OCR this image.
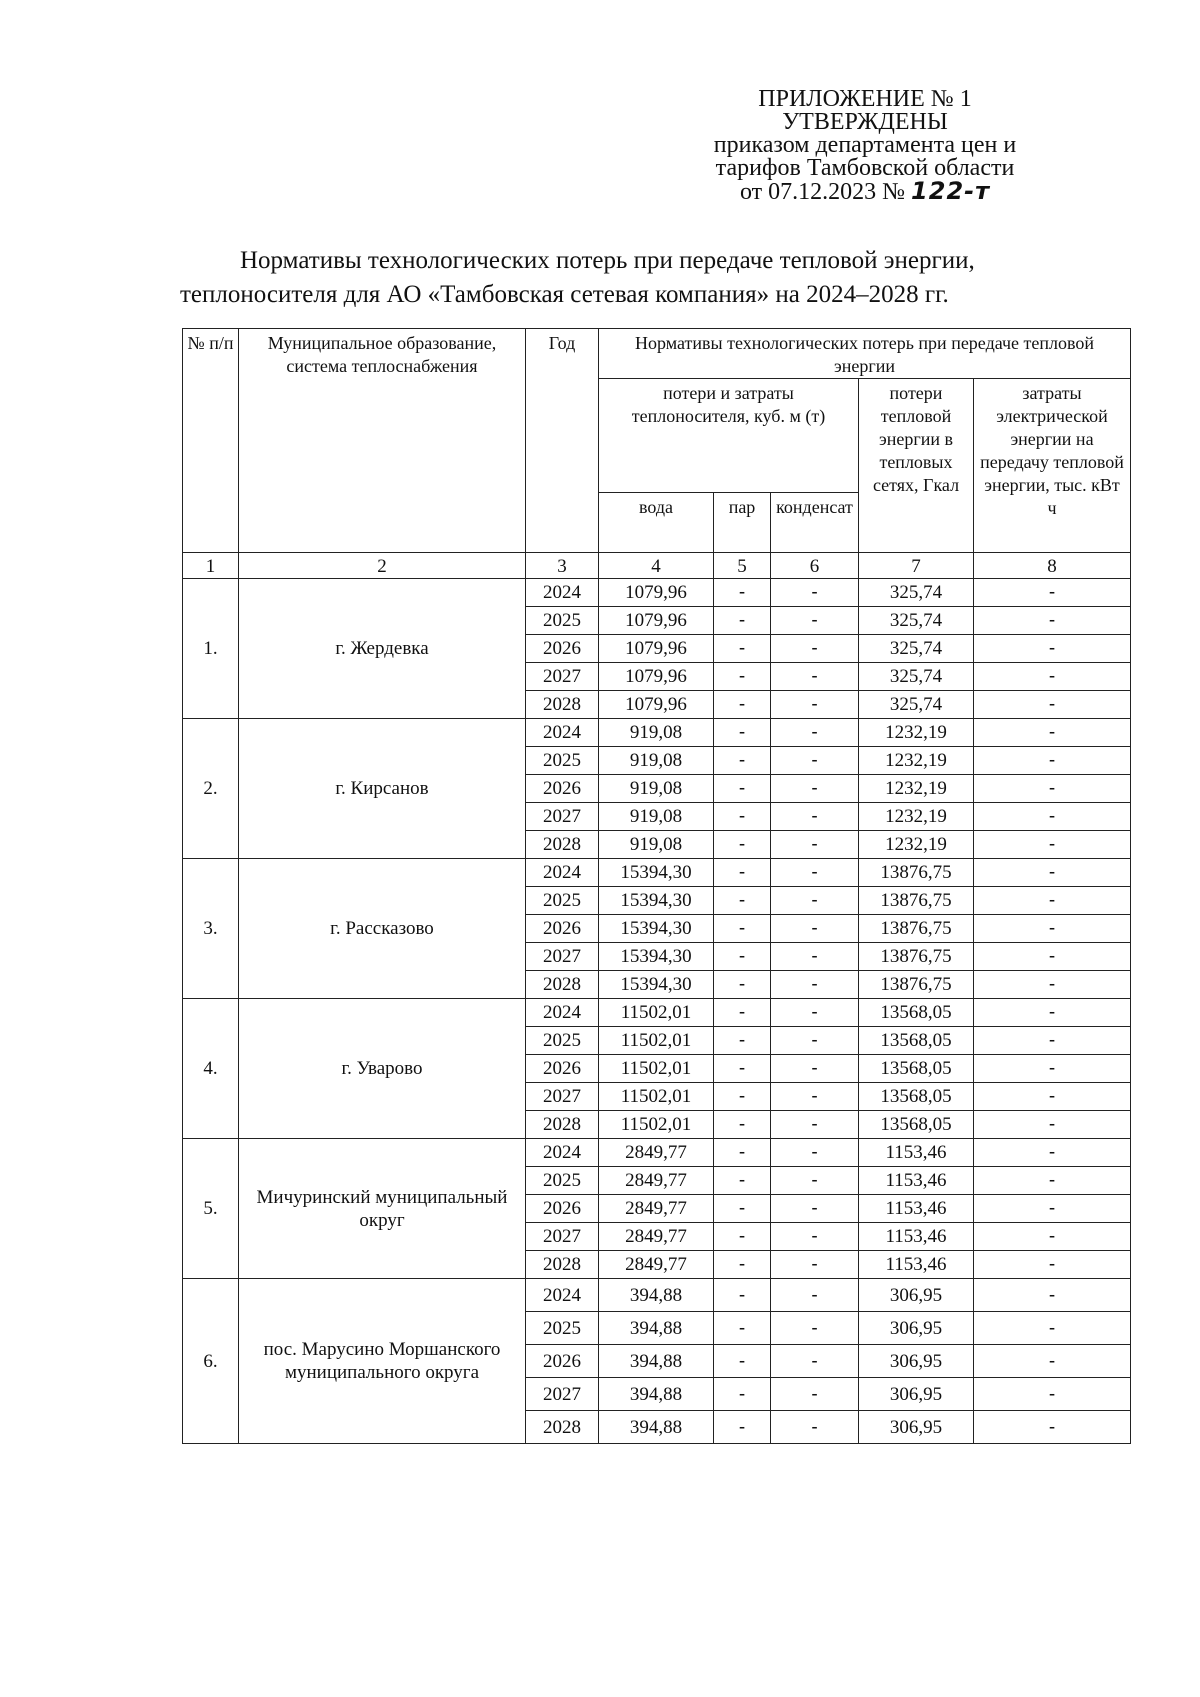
ПРИЛОЖЕНИЕ № 1
УТВЕРЖДЕНЫ
приказом департамента цен и
тарифов Тамбовской области
от 07.12.2023 № 122-т
Нормативы технологических потерь при передаче тепловой энергии,
теплоносителя для АО «Тамбовская сетевая компания» на 2024–2028 гг.
№ п/п	Муниципальное образование, система теплоснабжения	Год	Нормативы технологических потерь при передаче тепловой энергии				
			потери и затраты теплоносителя, куб. м (т)			потери тепловой энергии в тепловых сетях, Гкал	затраты электрической энергии на передачу тепловой энергии, тыс. кВт ч
			вода	пар	конденсат		
1	2	3	4	5	6	7	8
1.	г. Жердевка	2024	1079,96	-	-	325,74	-
		2025	1079,96	-	-	325,74	-
		2026	1079,96	-	-	325,74	-
		2027	1079,96	-	-	325,74	-
		2028	1079,96	-	-	325,74	-
2.	г. Кирсанов	2024	919,08	-	-	1232,19	-
		2025	919,08	-	-	1232,19	-
		2026	919,08	-	-	1232,19	-
		2027	919,08	-	-	1232,19	-
		2028	919,08	-	-	1232,19	-
3.	г. Рассказово	2024	15394,30	-	-	13876,75	-
		2025	15394,30	-	-	13876,75	-
		2026	15394,30	-	-	13876,75	-
		2027	15394,30	-	-	13876,75	-
		2028	15394,30	-	-	13876,75	-
4.	г. Уварово	2024	11502,01	-	-	13568,05	-
		2025	11502,01	-	-	13568,05	-
		2026	11502,01	-	-	13568,05	-
		2027	11502,01	-	-	13568,05	-
		2028	11502,01	-	-	13568,05	-
5.	Мичуринский муниципальный округ	2024	2849,77	-	-	1153,46	-
		2025	2849,77	-	-	1153,46	-
		2026	2849,77	-	-	1153,46	-
		2027	2849,77	-	-	1153,46	-
		2028	2849,77	-	-	1153,46	-
6.	пос. Марусино Моршанского муниципального округа	2024	394,88	-	-	306,95	-
		2025	394,88	-	-	306,95	-
		2026	394,88	-	-	306,95	-
		2027	394,88	-	-	306,95	-
		2028	394,88	-	-	306,95	-
